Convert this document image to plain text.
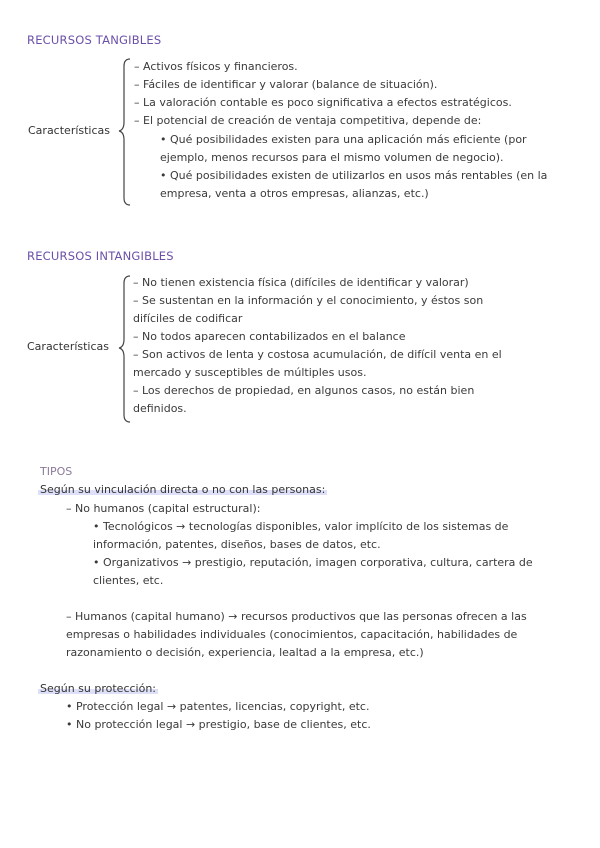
RECURSOS TANGIBLES
Características
– Activos físicos y financieros.
– Fáciles de identificar y valorar (balance de situación).
– La valoración contable es poco significativa a efectos estratégicos.
– El potencial de creación de ventaja competitiva, depende de:
• Qué posibilidades existen para una aplicación más eficiente (por
ejemplo, menos recursos para el mismo volumen de negocio).
• Qué posibilidades existen de utilizarlos en usos más rentables (en la
empresa, venta a otros empresas, alianzas, etc.)
RECURSOS INTANGIBLES
Características
– No tienen existencia física (difíciles de identificar y valorar)
– Se sustentan en la información y el conocimiento, y éstos son
difíciles de codificar
– No todos aparecen contabilizados en el balance
– Son activos de lenta y costosa acumulación, de difícil venta en el
mercado y susceptibles de múltiples usos.
– Los derechos de propiedad, en algunos casos, no están bien
definidos.
TIPOS
Según su vinculación directa o no con las personas:
– No humanos (capital estructural):
• Tecnológicos → tecnologías disponibles, valor implícito de los sistemas de
información, patentes, diseños, bases de datos, etc.
• Organizativos → prestigio, reputación, imagen corporativa, cultura, cartera de
clientes, etc.
– Humanos (capital humano) → recursos productivos que las personas ofrecen a las
empresas o habilidades individuales (conocimientos, capacitación, habilidades de
razonamiento o decisión, experiencia, lealtad a la empresa, etc.)
Según su protección:
• Protección legal → patentes, licencias, copyright, etc.
• No protección legal → prestigio, base de clientes, etc.
